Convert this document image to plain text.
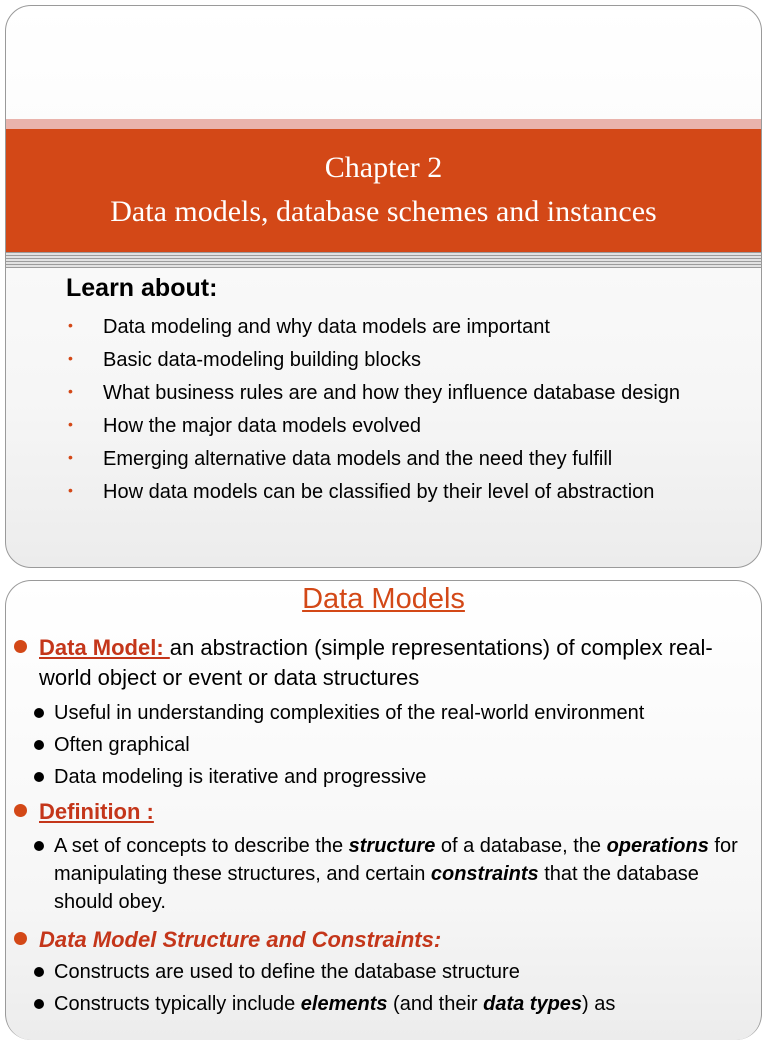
Chapter 2
Data models, database schemes and instances
Learn about:
• Data modeling and why data models are important
• Basic data-modeling building blocks
• What business rules are and how they influence database design
• How the major data models evolved
• Emerging alternative data models and the need they fulfill
• How data models can be classified by their level of abstraction
Data Models
Data Model: an abstraction (simple representations) of complex real-world object or event or data structures
Useful in understanding complexities of the real-world environment
Often graphical
Data modeling is iterative and progressive
Definition :
A set of concepts to describe the structure of a database, the operations for manipulating these structures, and certain constraints that the database should obey.
Data Model Structure and Constraints:
Constructs are used to define the database structure
Constructs typically include elements (and their data types) as
